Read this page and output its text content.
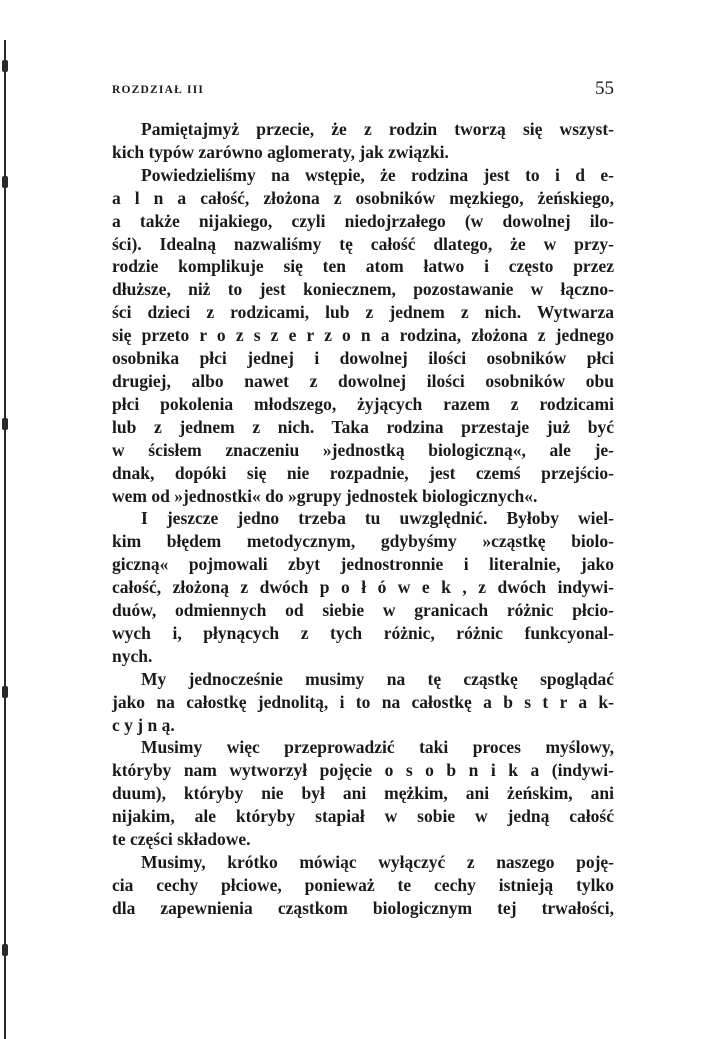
ROZDZIAŁ III	55
Pamiętajmyż przecie, że z rodzin tworzą się wszyst-
kich typów zarówno aglomeraty, jak związki.
Powiedzieliśmy na wstępie, że rodzina jest to i d e-
a l n a całość, złożona z osobników męzkiego, żeńskiego,
a także nijakiego, czyli niedojrzałego (w dowolnej ilo-
ści). Idealną nazwaliśmy tę całość dlatego, że w przy-
rodzie komplikuje się ten atom łatwo i często przez
dłuższe, niż to jest koniecznem, pozostawanie w łączno-
ści dzieci z rodzicami, lub z jednem z nich. Wytwarza
się przeto r o z s z e r z o n a rodzina, złożona z jednego
osobnika płci jednej i dowolnej ilości osobników płci
drugiej, albo nawet z dowolnej ilości osobników obu
płci pokolenia młodszego, żyjących razem z rodzicami
lub z jednem z nich. Taka rodzina przestaje już być
w ścisłem znaczeniu »jednostką biologiczną«, ale je-
dnak, dopóki się nie rozpadnie, jest czemś przejścio-
wem od »jednostki« do »grupy jednostek biologicznych«.
I jeszcze jedno trzeba tu uwzględnić. Byłoby wiel-
kim błędem metodycznym, gdybyśmy »cząstkę biolo-
giczną« pojmowali zbyt jednostronnie i literalnie, jako
całość, złożoną z dwóch p o ł ó w e k , z dwóch indywi-
duów, odmiennych od siebie w granicach różnic płcio-
wych i, płynących z tych różnic, różnic funkcyonal-
nych.
My jednocześnie musimy na tę cząstkę spoglądać
jako na całostkę jednolitą, i to na całostkę a b s t r a k-
c y j n ą.
Musimy więc przeprowadzić taki proces myślowy,
któryby nam wytworzył pojęcie o s o b n i k a (indywi-
duum), któryby nie był ani mężkim, ani żeńskim, ani
nijakim, ale któryby stapiał w sobie w jedną całość
te części składowe.
Musimy, krótko mówiąc wyłączyć z naszego poję-
cia cechy płciowe, ponieważ te cechy istnieją tylko
dla zapewnienia cząstkom biologicznym tej trwałości,
